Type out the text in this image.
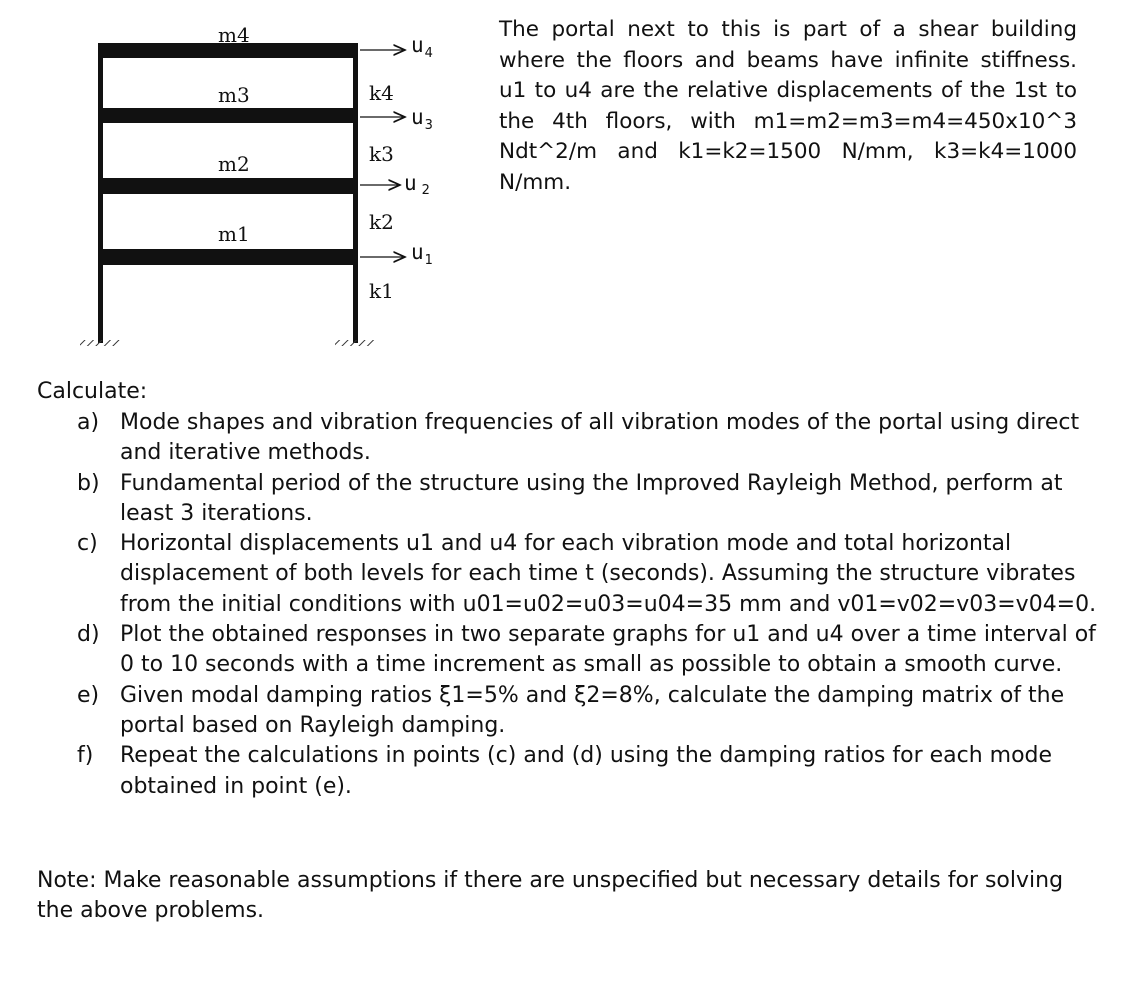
m4
m3
m2
m1
k4
k3
k2
k1
$u_4$
$u_3$
u 2
$u_1$

The portal next to this is part of a shear building where the floors and beams have infinite stiffness. u1 to u4 are the relative displacements of the 1st to the 4th floors, with m1=m2=m3=m4=450x10^3 Ndt^2/m and k1=k2=1500 N/mm, k3=k4=1000 N/mm.

Calculate:

a) Mode shapes and vibration frequencies of all vibration modes of the portal using direct and iterative methods.
b) Fundamental period of the structure using the Improved Rayleigh Method, perform at least 3 iterations.
c) Horizontal displacements u1 and u4 for each vibration mode and total horizontal displacement of both levels for each time t (seconds). Assuming the structure vibrates from the initial conditions with u01=u02=u03=u04=35 mm and v01=v02=v03=v04=0.
d) Plot the obtained responses in two separate graphs for u1 and u4 over a time interval of 0 to 10 seconds with a time increment as small as possible to obtain a smooth curve.
e) Given modal damping ratios ξ1=5% and ξ2=8%, calculate the damping matrix of the portal based on Rayleigh damping.
f) Repeat the calculations in points (c) and (d) using the damping ratios for each mode obtained in point (e).

Note: Make reasonable assumptions if there are unspecified but necessary details for solving the above problems.
